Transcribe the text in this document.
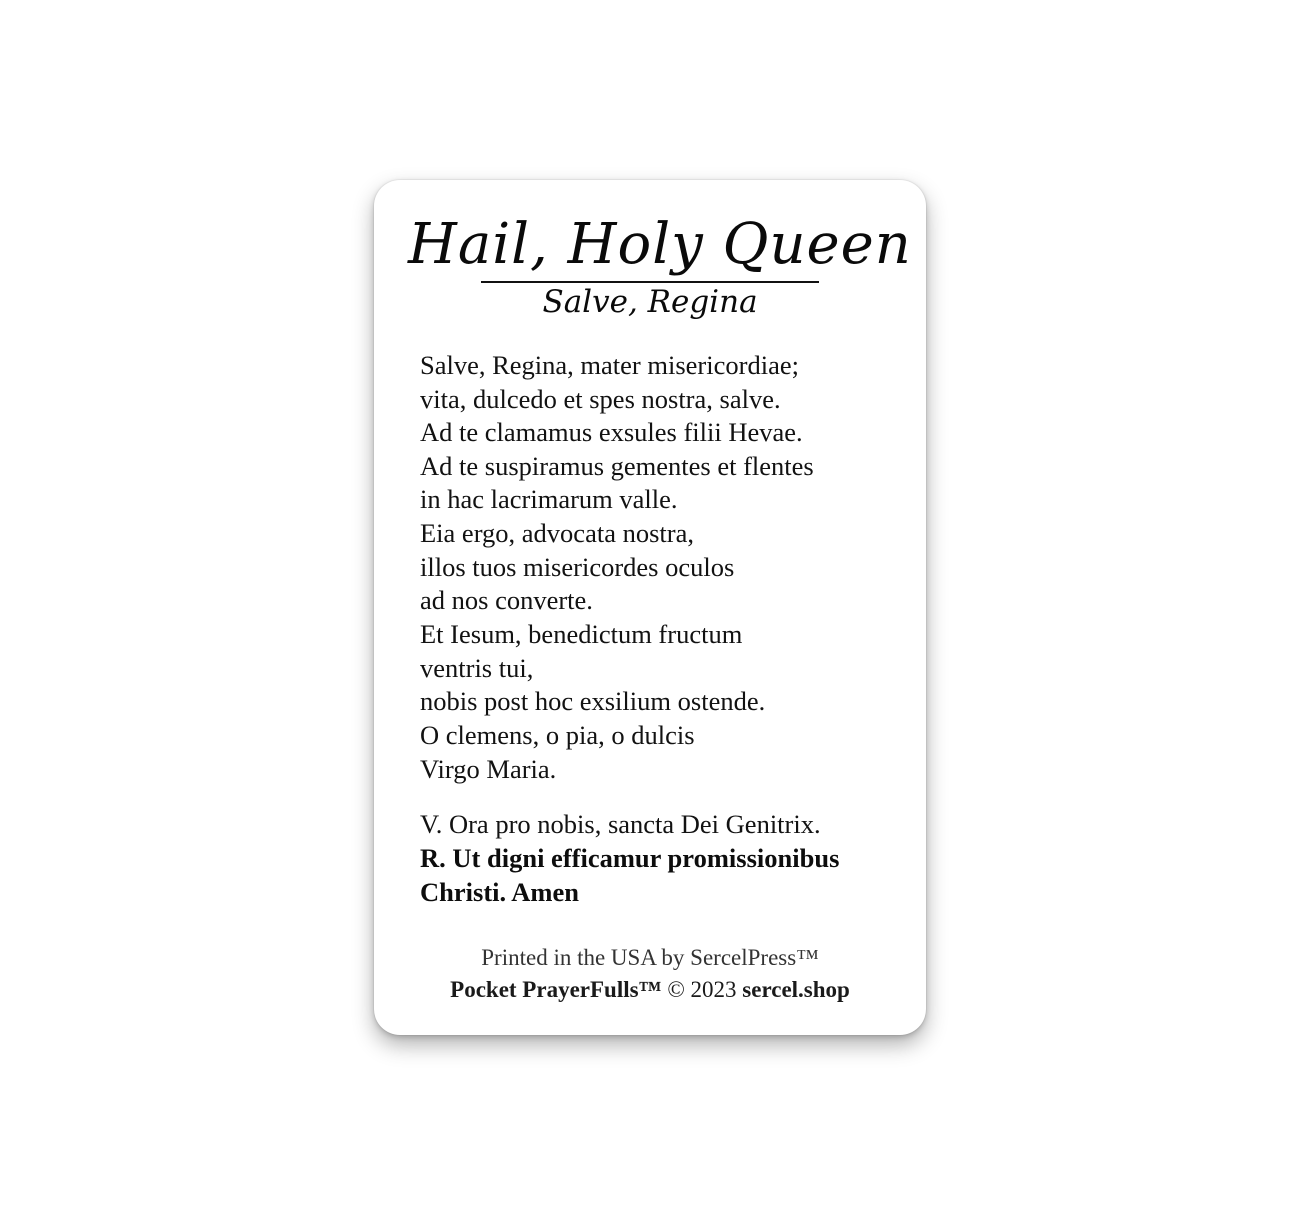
Hail, Holy Queen
Salve, Regina
Salve, Regina, mater misericordiae;
vita, dulcedo et spes nostra, salve.
Ad te clamamus exsules filii Hevae.
Ad te suspiramus gementes et flentes
in hac lacrimarum valle.
Eia ergo, advocata nostra,
illos tuos misericordes oculos
ad nos converte.
Et Iesum, benedictum fructum
ventris tui,
nobis post hoc exsilium ostende.
O clemens, o pia, o dulcis
Virgo Maria.
V. Ora pro nobis, sancta Dei Genitrix.
R. Ut digni efficamur promissionibus
Christi. Amen
Printed in the USA by SercelPress™
Pocket PrayerFulls™ © 2023 sercel.shop
